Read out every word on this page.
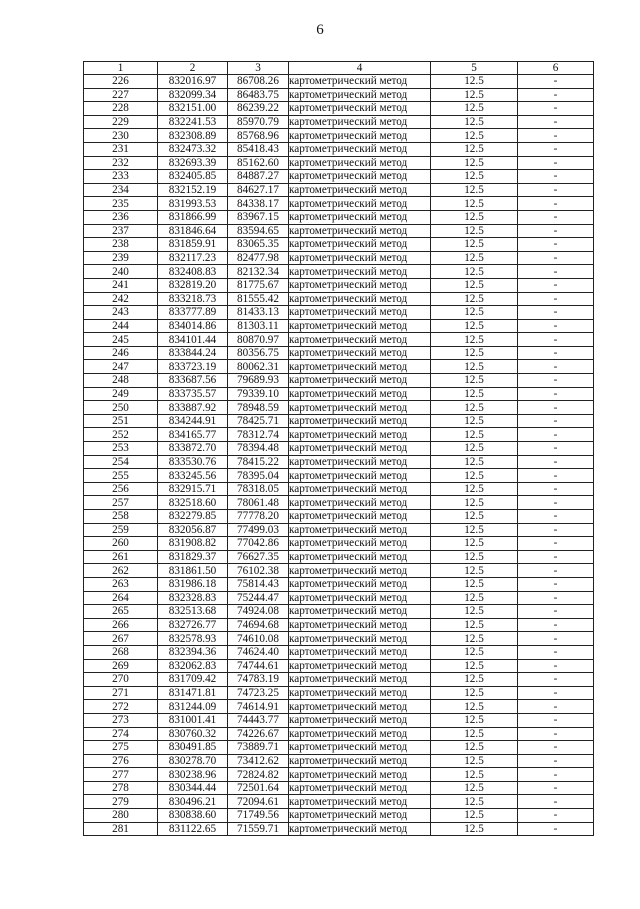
6
1	2	3	4	5	6
226	832016.97	86708.26	картометрический метод	12.5	-
227	832099.34	86483.75	картометрический метод	12.5	-
228	832151.00	86239.22	картометрический метод	12.5	-
229	832241.53	85970.79	картометрический метод	12.5	-
230	832308.89	85768.96	картометрический метод	12.5	-
231	832473.32	85418.43	картометрический метод	12.5	-
232	832693.39	85162.60	картометрический метод	12.5	-
233	832405.85	84887.27	картометрический метод	12.5	-
234	832152.19	84627.17	картометрический метод	12.5	-
235	831993.53	84338.17	картометрический метод	12.5	-
236	831866.99	83967.15	картометрический метод	12.5	-
237	831846.64	83594.65	картометрический метод	12.5	-
238	831859.91	83065.35	картометрический метод	12.5	-
239	832117.23	82477.98	картометрический метод	12.5	-
240	832408.83	82132.34	картометрический метод	12.5	-
241	832819.20	81775.67	картометрический метод	12.5	-
242	833218.73	81555.42	картометрический метод	12.5	-
243	833777.89	81433.13	картометрический метод	12.5	-
244	834014.86	81303.11	картометрический метод	12.5	-
245	834101.44	80870.97	картометрический метод	12.5	-
246	833844.24	80356.75	картометрический метод	12.5	-
247	833723.19	80062.31	картометрический метод	12.5	-
248	833687.56	79689.93	картометрический метод	12.5	-
249	833735.57	79339.10	картометрический метод	12.5	-
250	833887.92	78948.59	картометрический метод	12.5	-
251	834244.91	78425.71	картометрический метод	12.5	-
252	834165.77	78312.74	картометрический метод	12.5	-
253	833872.70	78394.48	картометрический метод	12.5	-
254	833530.76	78415.22	картометрический метод	12.5	-
255	833245.56	78395.04	картометрический метод	12.5	-
256	832915.71	78318.05	картометрический метод	12.5	-
257	832518.60	78061.48	картометрический метод	12.5	-
258	832279.85	77778.20	картометрический метод	12.5	-
259	832056.87	77499.03	картометрический метод	12.5	-
260	831908.82	77042.86	картометрический метод	12.5	-
261	831829.37	76627.35	картометрический метод	12.5	-
262	831861.50	76102.38	картометрический метод	12.5	-
263	831986.18	75814.43	картометрический метод	12.5	-
264	832328.83	75244.47	картометрический метод	12.5	-
265	832513.68	74924.08	картометрический метод	12.5	-
266	832726.77	74694.68	картометрический метод	12.5	-
267	832578.93	74610.08	картометрический метод	12.5	-
268	832394.36	74624.40	картометрический метод	12.5	-
269	832062.83	74744.61	картометрический метод	12.5	-
270	831709.42	74783.19	картометрический метод	12.5	-
271	831471.81	74723.25	картометрический метод	12.5	-
272	831244.09	74614.91	картометрический метод	12.5	-
273	831001.41	74443.77	картометрический метод	12.5	-
274	830760.32	74226.67	картометрический метод	12.5	-
275	830491.85	73889.71	картометрический метод	12.5	-
276	830278.70	73412.62	картометрический метод	12.5	-
277	830238.96	72824.82	картометрический метод	12.5	-
278	830344.44	72501.64	картометрический метод	12.5	-
279	830496.21	72094.61	картометрический метод	12.5	-
280	830838.60	71749.56	картометрический метод	12.5	-
281	831122.65	71559.71	картометрический метод	12.5	-
